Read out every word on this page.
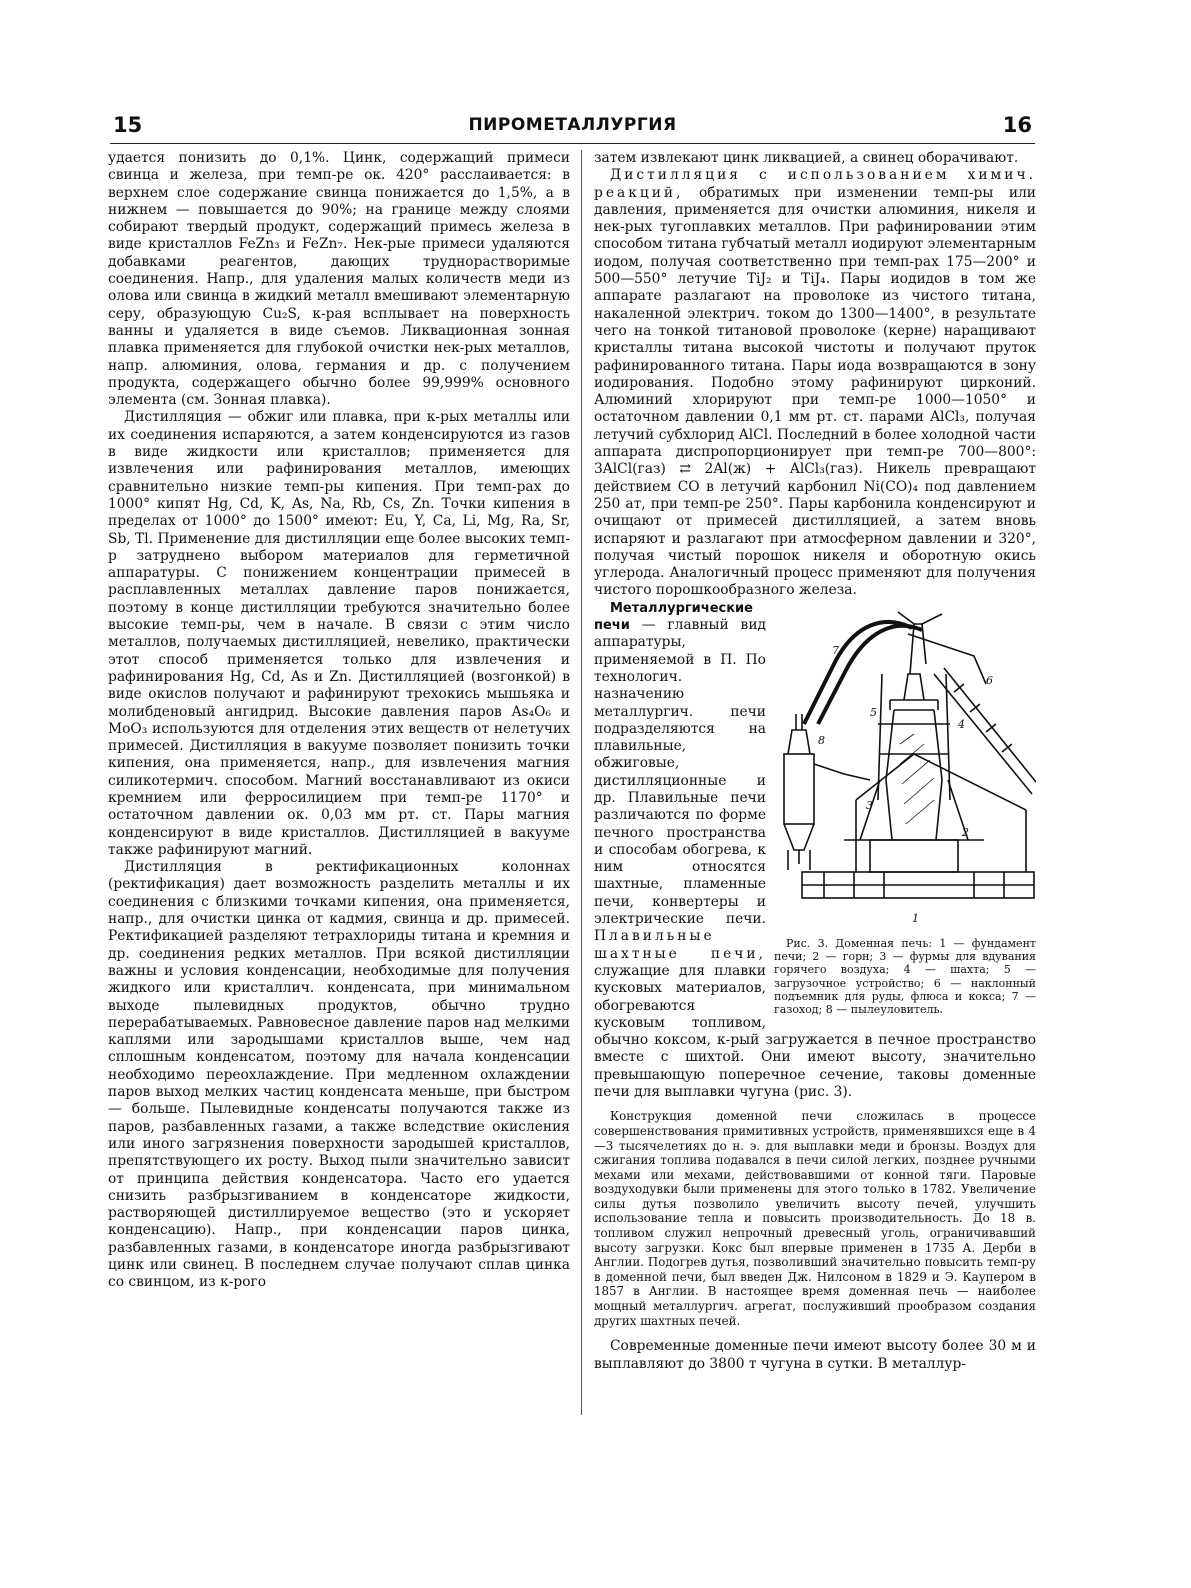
15	ПИРОМЕТАЛЛУРГИЯ	16

удается понизить до 0,1%. Цинк, содержащий примеси свинца и железа, при темп-ре ок. 420° расслаивается: в верхнем слое содержание свинца понижается до 1,5%, а в нижнем — повышается до 90%; на границе между слоями собирают твердый продукт, содержащий примесь железа в виде кристаллов FeZn₃ и FeZn₇. Нек-рые примеси удаляются добавками реагентов, дающих труднорастворимые соединения. Напр., для удаления малых количеств меди из олова или свинца в жидкий металл вмешивают элементарную серу, образующую Cu₂S, к-рая всплывает на поверхность ванны и удаляется в виде съемов. Ликвационная зонная плавка применяется для глубокой очистки нек-рых металлов, напр. алюминия, олова, германия и др. с получением продукта, содержащего обычно более 99,999% основного элемента (см. Зонная плавка).

Дистилляция — обжиг или плавка, при к-рых металлы или их соединения испаряются, а затем конденсируются из газов в виде жидкости или кристаллов; применяется для извлечения или рафинирования металлов, имеющих сравнительно низкие темп-ры кипения. При темп-рах до 1000° кипят Hg, Cd, K, As, Na, Rb, Cs, Zn. Точки кипения в пределах от 1000° до 1500° имеют: Eu, Y, Ca, Li, Mg, Ra, Sr, Sb, Tl. Применение для дистилляции еще более высоких темп-р затруднено выбором материалов для герметичной аппаратуры. С понижением концентрации примесей в расплавленных металлах давление паров понижается, поэтому в конце дистилляции требуются значительно более высокие темп-ры, чем в начале. В связи с этим число металлов, получаемых дистилляцией, невелико, практически этот способ применяется только для извлечения и рафинирования Hg, Cd, As и Zn. Дистилляцией (возгонкой) в виде окислов получают и рафинируют трехокись мышьяка и молибденовый ангидрид. Высокие давления паров As₄O₆ и MoO₃ используются для отделения этих веществ от нелетучих примесей. Дистилляция в вакууме позволяет понизить точки кипения, она применяется, напр., для извлечения магния силикотермич. способом. Магний восстанавливают из окиси кремнием или ферросилицием при темп-ре 1170° и остаточном давлении ок. 0,03 мм рт. ст. Пары магния конденсируют в виде кристаллов. Дистилляцией в вакууме также рафинируют магний.

Дистилляция в ректификационных колоннах (ректификация) дает возможность разделить металлы и их соединения с близкими точками кипения, она применяется, напр., для очистки цинка от кадмия, свинца и др. примесей. Ректификацией разделяют тетрахлориды титана и кремния и др. соединения редких металлов. При всякой дистилляции важны и условия конденсации, необходимые для получения жидкого или кристаллич. конденсата, при минимальном выходе пылевидных продуктов, обычно трудно перерабатываемых. Равновесное давление паров над мелкими каплями или зародышами кристаллов выше, чем над сплошным конденсатом, поэтому для начала конденсации необходимо переохлаждение. При медленном охлаждении паров выход мелких частиц конденсата меньше, при быстром — больше. Пылевидные конденсаты получаются также из паров, разбавленных газами, а также вследствие окисления или иного загрязнения поверхности зародышей кристаллов, препятствующего их росту. Выход пыли значительно зависит от принципа действия конденсатора. Часто его удается снизить разбрызгиванием в конденсаторе жидкости, растворяющей дистиллируемое вещество (это и ускоряет конденсацию). Напр., при конденсации паров цинка, разбавленных газами, в конденсаторе иногда разбрызгивают цинк или свинец. В последнем случае получают сплав цинка со свинцом, из к-рого

затем извлекают цинк ликвацией, а свинец оборачивают.

Дистилляция с использованием химич. реакций, обратимых при изменении темп-ры или давления, применяется для очистки алюминия, никеля и нек-рых тугоплавких металлов. При рафинировании этим способом титана губчатый металл иодируют элементарным иодом, получая соответственно при темп-рах 175—200° и 500—550° летучие TiJ₂ и TiJ₄. Пары иодидов в том же аппарате разлагают на проволоке из чистого титана, накаленной электрич. током до 1300—1400°, в результате чего на тонкой титановой проволоке (керне) наращивают кристаллы титана высокой чистоты и получают пруток рафинированного титана. Пары иода возвращаются в зону иодирования. Подобно этому рафинируют цирконий. Алюминий хлорируют при темп-ре 1000—1050° и остаточном давлении 0,1 мм рт. ст. парами AlCl₃, получая летучий субхлорид AlCl. Последний в более холодной части аппарата диспропорционирует при темп-ре 700—800°: 3AlCl(газ) ⇄ 2Al(ж) + AlCl₃(газ). Никель превращают действием CO в летучий карбонил Ni(CO)₄ под давлением 250 ат, при темп-ре 250°. Пары карбонила конденсируют и очищают от примесей дистилляцией, а затем вновь испаряют и разлагают при атмосферном давлении и 320°, получая чистый порошок никеля и оборотную окись углерода. Аналогичный процесс применяют для получения чистого порошкообразного железа.

1
2
3
4
5
6
7
8
Рис. 3. Доменная печь: 1 — фундамент печи; 2 — горн; 3 — фурмы для вдувания горячего воздуха; 4 — шахта; 5 — загрузочное устройство; 6 — наклонный подъемник для руды, флюса и кокса; 7 — газоход; 8 — пылеуловитель.

Металлургические печи — главный вид аппаратуры, применяемой в П. По технологич. назначению металлургич. печи подразделяются на плавильные, обжиговые, дистилляционные и др. Плавильные печи различаются по форме печного пространства и способам обогрева, к ним относятся шахтные, пламенные печи, конвертеры и электрические печи. Плавильные шахтные печи, служащие для плавки кусковых материалов, обогреваются кусковым топливом, обычно коксом, к-рый загружается в печное пространство вместе с шихтой. Они имеют высоту, значительно превышающую поперечное сечение, таковы доменные печи для выплавки чугуна (рис. 3).

Конструкция доменной печи сложилась в процессе совершенствования примитивных устройств, применявшихся еще в 4—3 тысячелетиях до н. э. для выплавки меди и бронзы. Воздух для сжигания топлива подавался в печи силой легких, позднее ручными мехами или мехами, действовавшими от конной тяги. Паровые воздуходувки были применены для этого только в 1782. Увеличение силы дутья позволило увеличить высоту печей, улучшить использование тепла и повысить производительность. До 18 в. топливом служил непрочный древесный уголь, ограничивавший высоту загрузки. Кокс был впервые применен в 1735 А. Дерби в Англии. Подогрев дутья, позволивший значительно повысить темп-ру в доменной печи, был введен Дж. Нилсоном в 1829 и Э. Каупером в 1857 в Англии. В настоящее время доменная печь — наиболее мощный металлургич. агрегат, послуживший прообразом создания других шахтных печей.

Современные доменные печи имеют высоту более 30 м и выплавляют до 3800 т чугуна в сутки. В металлур-
